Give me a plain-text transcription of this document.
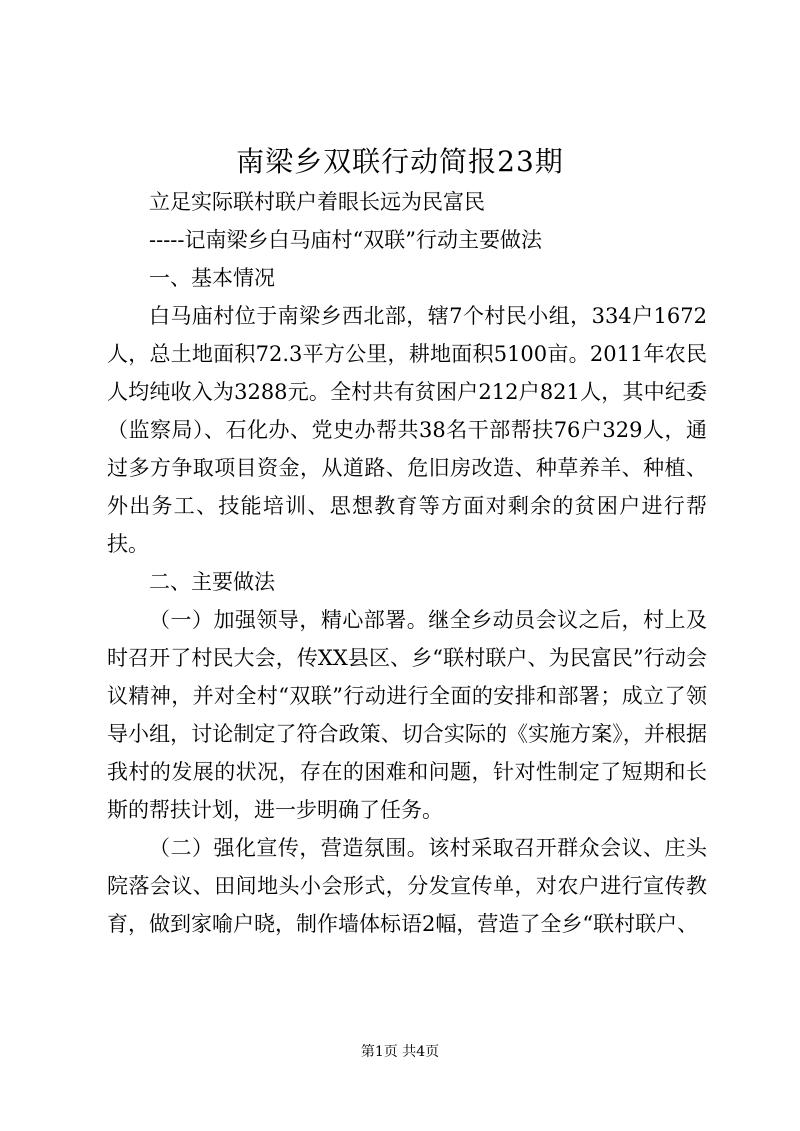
南梁乡双联行动简报23期

立足实际联村联户着眼长远为民富民

-----记南梁乡白马庙村“双联”行动主要做法

一、基本情况

白马庙村位于南梁乡西北部，辖7个村民小组，334户1672人，总土地面积72.3平方公里，耕地面积5100亩。2011年农民人均纯收入为3288元。全村共有贫困户212户821人，其中纪委（监察局）、石化办、党史办帮共38名干部帮扶76户329人，通过多方争取项目资金，从道路、危旧房改造、种草养羊、种植、外出务工、技能培训、思想教育等方面对剩余的贫困户进行帮扶。

二、主要做法

（一）加强领导，精心部署。继全乡动员会议之后，村上及时召开了村民大会，传XX县区、乡“联村联户、为民富民”行动会议精神，并对全村“双联”行动进行全面的安排和部署；成立了领导小组，讨论制定了符合政策、切合实际的《实施方案》，并根据我村的发展的状况，存在的困难和问题，针对性制定了短期和长斯的帮扶计划，进一步明确了任务。

（二）强化宣传，营造氛围。该村采取召开群众会议、庄头院落会议、田间地头小会形式，分发宣传单，对农户进行宣传教育，做到家喻户晓，制作墙体标语2幅，营造了全乡“联村联户、

第1页 共4页
